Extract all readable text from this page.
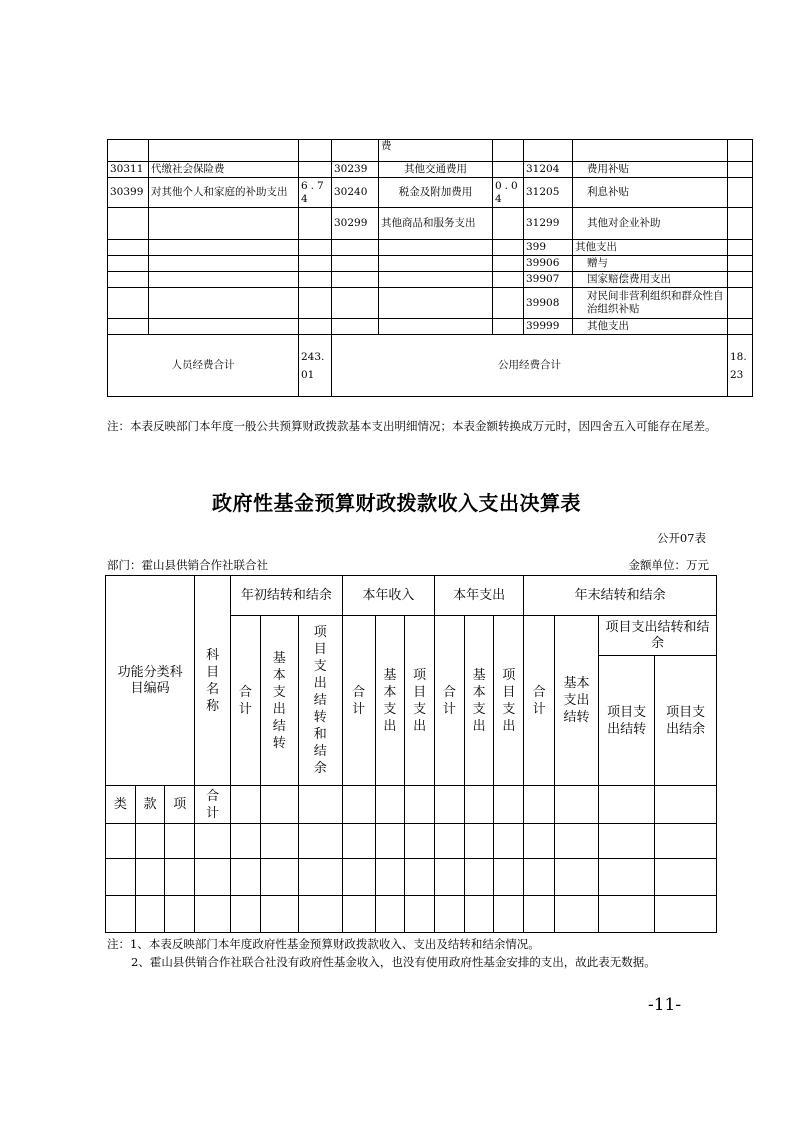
				费				
30311	代缴社会保险费		30239	其他交通费用		31204	费用补贴	
30399	对其他个人和家庭的补助支出	6.74	30240	税金及附加费用	0.04	31205	利息补贴	
			30299	其他商品和服务支出		31299	其他对企业补助	
						399	其他支出	
						39906	赠与	
						39907	国家赔偿费用支出	
						39908	对民间非营利组织和群众性自治组织补贴	
						39999	其他支出	
人员经费合计		243.01	公用经费合计					18.23
注：本表反映部门本年度一般公共预算财政拨款基本支出明细情况；本表金额转换成万元时，因四舍五入可能存在尾差。
政府性基金预算财政拨款收入支出决算表
公开07表
部门：霍山县供销合作社联合社	金额单位：万元
功能分类科目编码			科目名称	年初结转和结余			本年收入			本年支出			年末结转和结余			

				合计	基本支出结转	项目支出结转和结余	合计	基本支出	项目支出	合计	基本支出	项目支出	合计	基本支出结转	项目支出结转和结余	

															项目支出结转	项目支出结余

类	款	项	合计													

注：1、本表反映部门本年度政府性基金预算财政拨款收入、支出及结转和结余情况。
2、霍山县供销合作社联合社没有政府性基金收入，也没有使用政府性基金安排的支出，故此表无数据。
-11-
